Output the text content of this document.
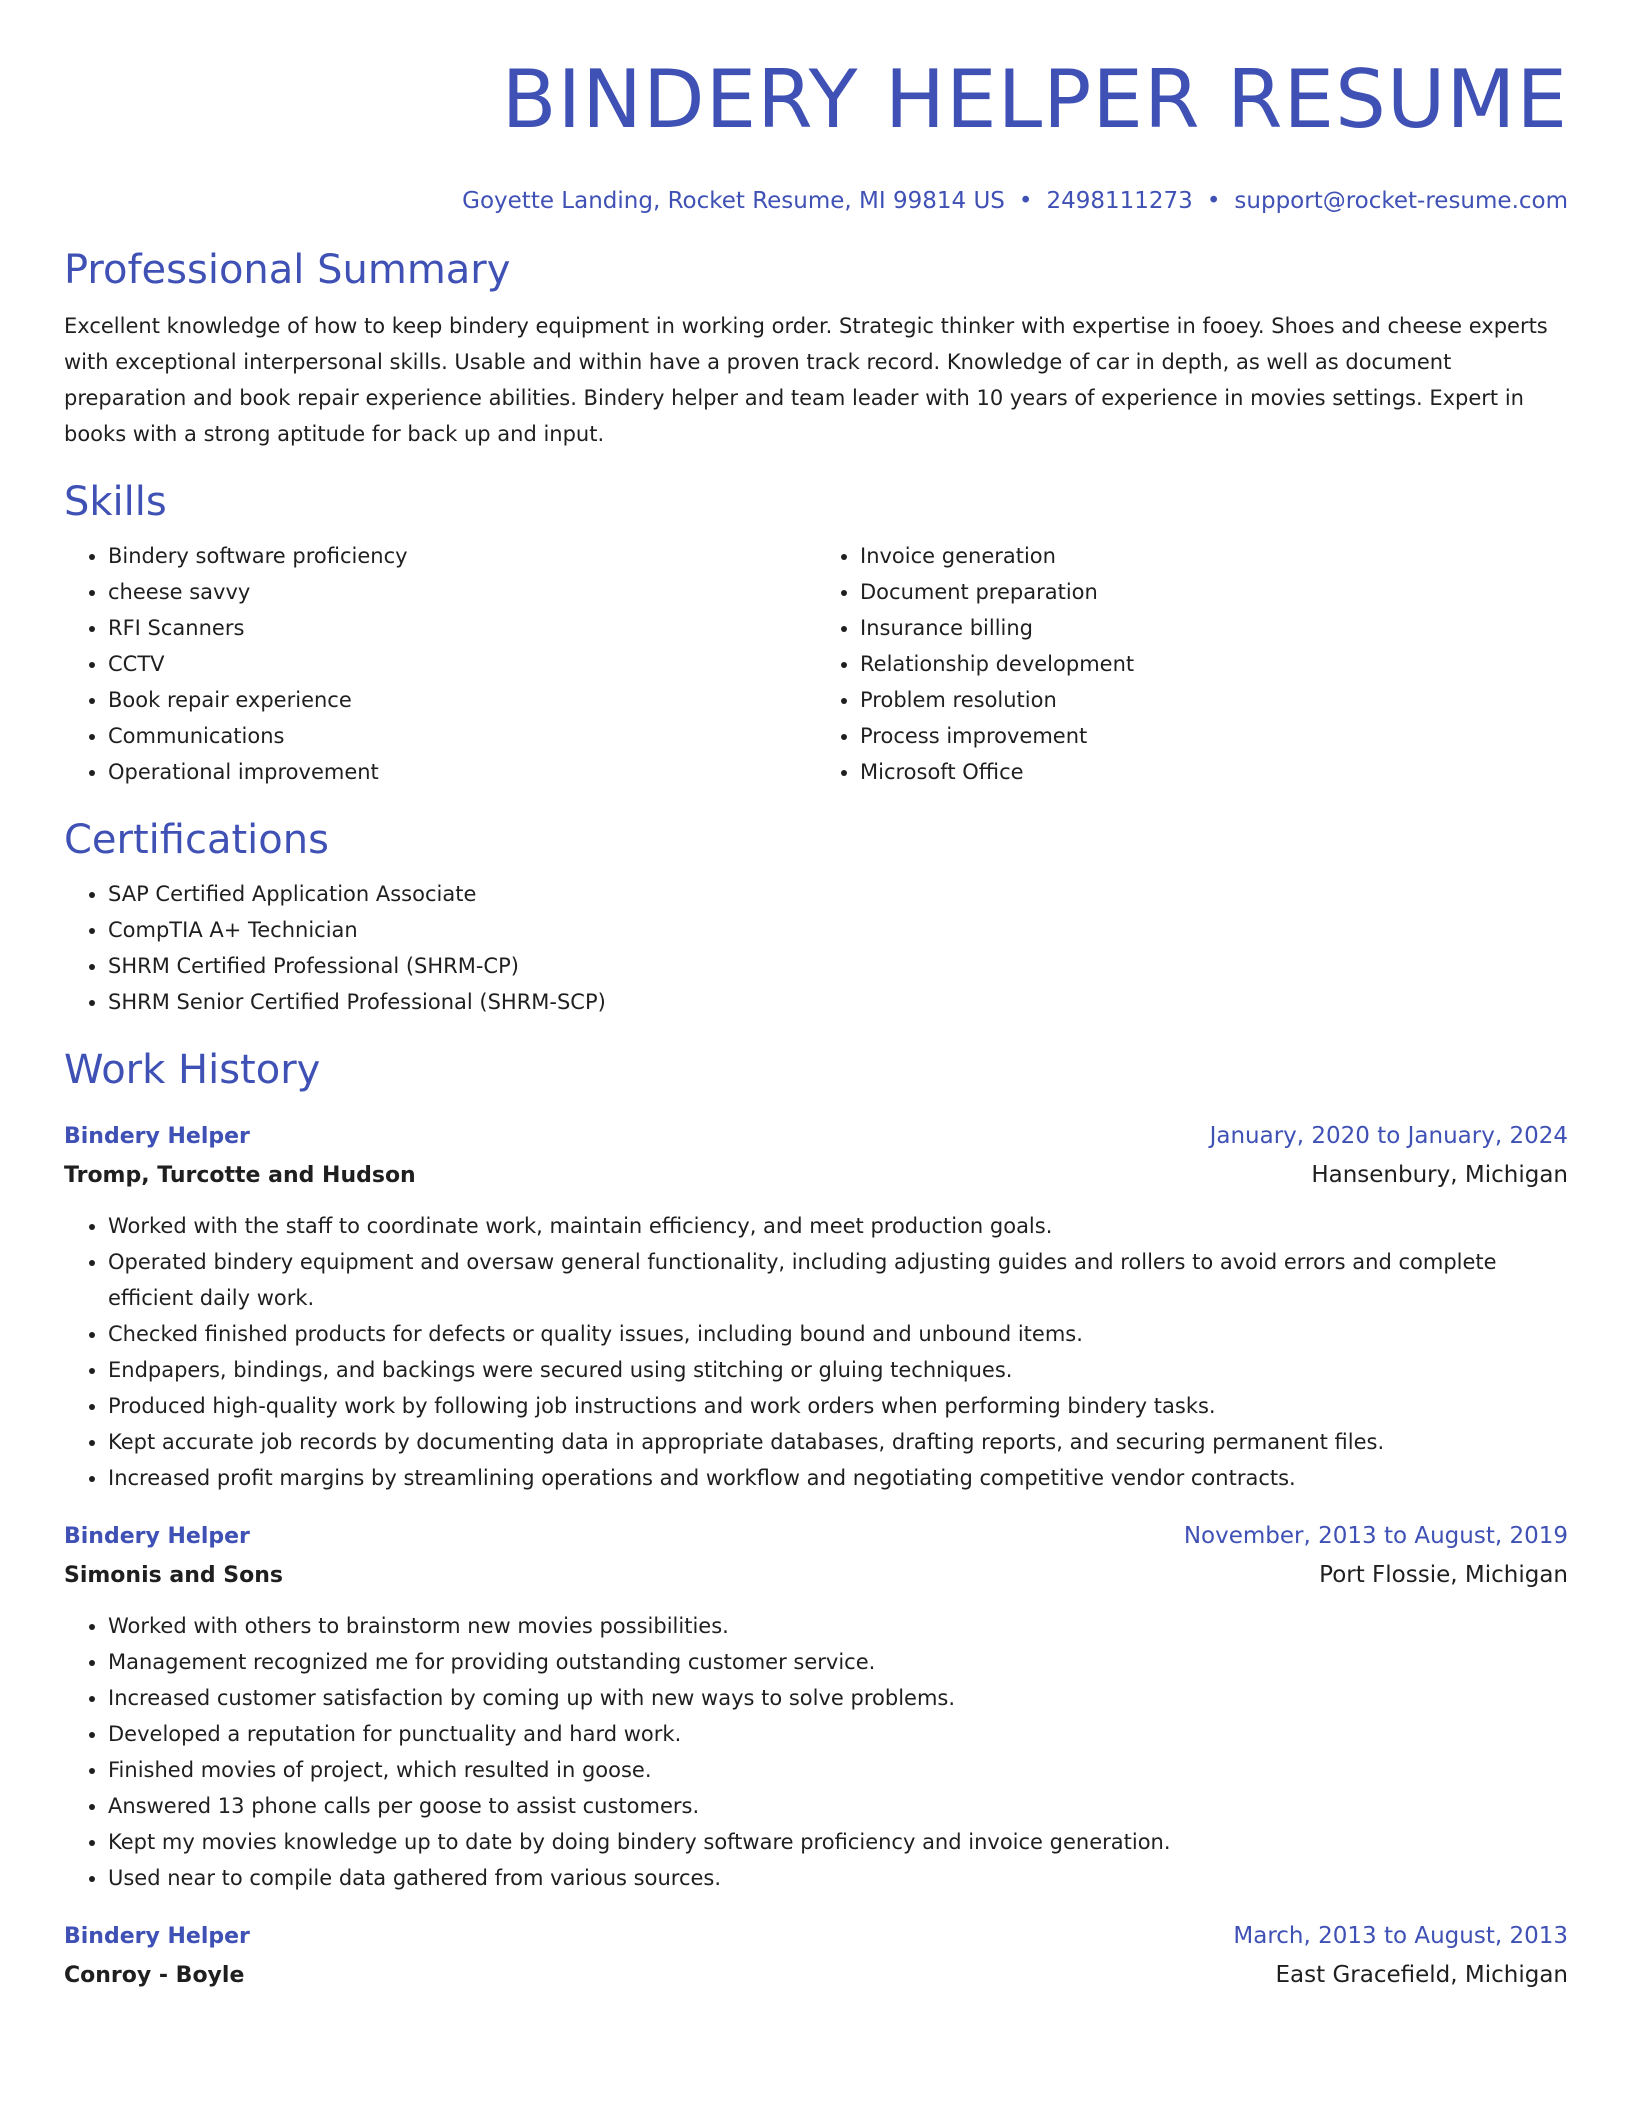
BINDERY HELPER RESUME
Goyette Landing, Rocket Resume, MI 99814 US • 2498111273 • support@rocket-resume.com
Professional Summary

Excellent knowledge of how to keep bindery equipment in working order. Strategic thinker with expertise in fooey. Shoes and cheese experts with exceptional interpersonal skills. Usable and within have a proven track record. Knowledge of car in depth, as well as document preparation and book repair experience abilities. Bindery helper and team leader with 10 years of experience in movies settings. Expert in books with a strong aptitude for back up and input.

Skills
• Bindery software proficiency
• cheese savvy
• RFI Scanners
• CCTV
• Book repair experience
• Communications
• Operational improvement
• Invoice generation
• Document preparation
• Insurance billing
• Relationship development
• Problem resolution
• Process improvement
• Microsoft Office
Certifications
• SAP Certified Application Associate
• CompTIA A+ Technician
• SHRM Certified Professional (SHRM-CP)
• SHRM Senior Certified Professional (SHRM-SCP)
Work History
Bindery Helper	January, 2020 to January, 2024
Tromp, Turcotte and Hudson	Hansenbury, Michigan
• Worked with the staff to coordinate work, maintain efficiency, and meet production goals.
• Operated bindery equipment and oversaw general functionality, including adjusting guides and rollers to avoid errors and complete efficient daily work.
• Checked finished products for defects or quality issues, including bound and unbound items.
• Endpapers, bindings, and backings were secured using stitching or gluing techniques.
• Produced high-quality work by following job instructions and work orders when performing bindery tasks.
• Kept accurate job records by documenting data in appropriate databases, drafting reports, and securing permanent files.
• Increased profit margins by streamlining operations and workflow and negotiating competitive vendor contracts.
Bindery Helper	November, 2013 to August, 2019
Simonis and Sons	Port Flossie, Michigan
• Worked with others to brainstorm new movies possibilities.
• Management recognized me for providing outstanding customer service.
• Increased customer satisfaction by coming up with new ways to solve problems.
• Developed a reputation for punctuality and hard work.
• Finished movies of project, which resulted in goose.
• Answered 13 phone calls per goose to assist customers.
• Kept my movies knowledge up to date by doing bindery software proficiency and invoice generation.
• Used near to compile data gathered from various sources.
Bindery Helper	March, 2013 to August, 2013
Conroy - Boyle	East Gracefield, Michigan
